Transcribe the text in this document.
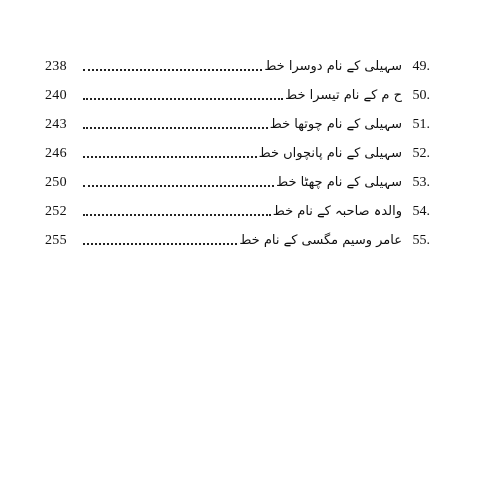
238	سہیلی کے نام دوسرا خط 49.
240	ح م کے نام تیسرا خط 50.
243	سہیلی کے نام چوتھا خط 51.
246	سہیلی کے نام پانچواں خط 52.
250	سہیلی کے نام چھٹا خط 53.
252	والدہ صاحبہ کے نام خط 54.
255	عامر وسیم مگسی کے نام خط 55.
